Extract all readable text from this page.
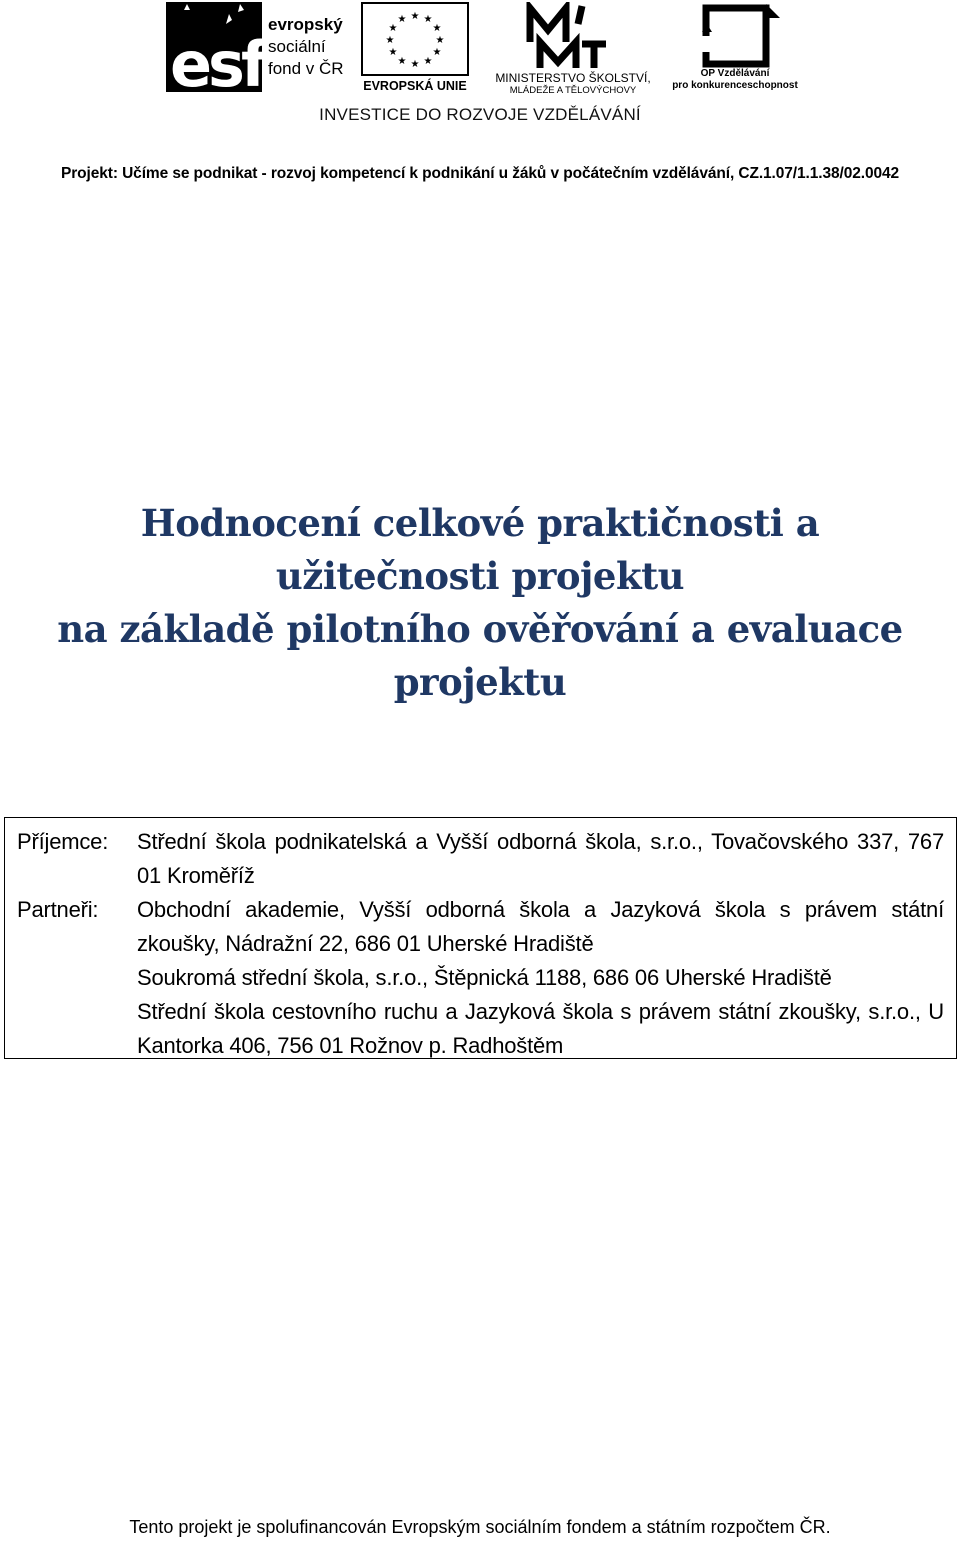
esf
evropský
sociální
fond v ČR
★ ★
★
★
★
★
★
★
★
★
★
★
EVROPSKÁ UNIE
MINISTERSTVO ŠKOLSTVÍ,
MLÁDEŽE A TĚLOVÝCHOVY
OP Vzdělávání
pro konkurenceschopnost
INVESTICE DO ROZVOJE VZDĚLÁVÁNÍ
Projekt: Učíme se podnikat - rozvoj kompetencí k podnikání u žáků v počátečním vzdělávání, CZ.1.07/1.1.38/02.0042
Hodnocení celkové praktičnosti a
užitečnosti projektu
na základě pilotního ověřování a evaluace
projektu
Příjemce: Střední škola podnikatelská a Vyšší odborná škola, s.r.o., Tovačovského 337, 767 01 Kroměříž
Partneři: Obchodní akademie, Vyšší odborná škola a Jazyková škola s právem státní zkoušky, Nádražní 22, 686 01 Uherské Hradiště
Soukromá střední škola, s.r.o., Štěpnická 1188, 686 06 Uherské Hradiště
Střední škola cestovního ruchu a Jazyková škola s právem státní zkoušky, s.r.o., U Kantorka 406, 756 01 Rožnov p. Radhoštěm
Tento projekt je spolufinancován Evropským sociálním fondem a státním rozpočtem ČR.
